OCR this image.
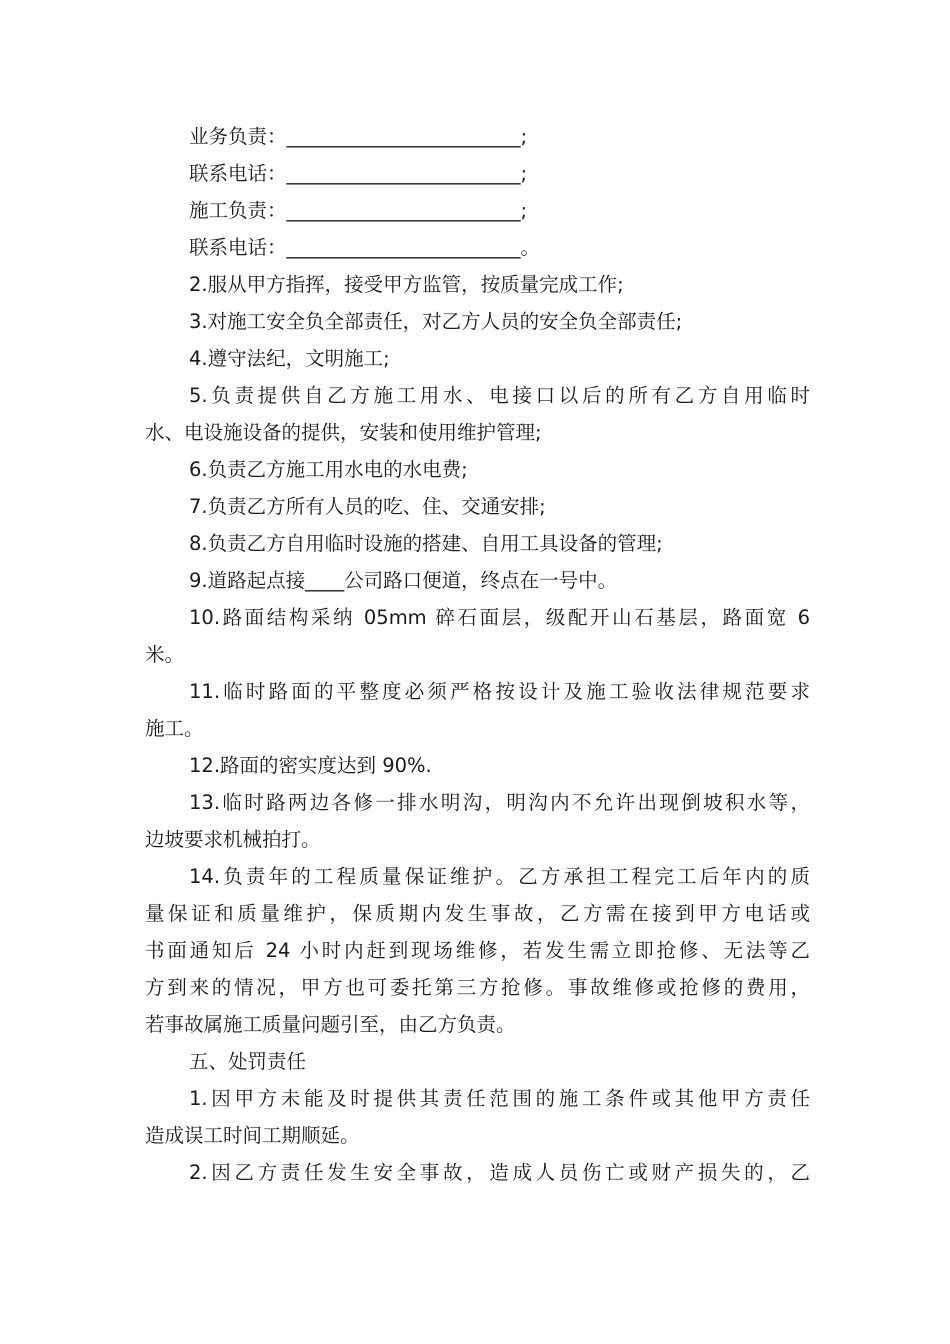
业务负责：________________________;
联系电话：________________________;
施工负责：________________________;
联系电话：________________________。
2.服从甲方指挥，接受甲方监管，按质量完成工作;
3.对施工安全负全部责任，对乙方人员的安全负全部责任;
4.遵守法纪，文明施工;
5.负责提供自乙方施工用水、电接口以后的所有乙方自用临时
水、电设施设备的提供，安装和使用维护管理;
6.负责乙方施工用水电的水电费;
7.负责乙方所有人员的吃、住、交通安排;
8.负责乙方自用临时设施的搭建、自用工具设备的管理;
9.道路起点接____公司路口便道，终点在一号中。
10.路面结构采纳 05mm 碎石面层，级配开山石基层，路面宽 6
米。
11.临时路面的平整度必须严格按设计及施工验收法律规范要求
施工。
12.路面的密实度达到 90%.
13.临时路两边各修一排水明沟，明沟内不允许出现倒坡积水等，
边坡要求机械拍打。
14.负责年的工程质量保证维护。乙方承担工程完工后年内的质
量保证和质量维护，保质期内发生事故，乙方需在接到甲方电话或
书面通知后 24 小时内赶到现场维修，若发生需立即抢修、无法等乙
方到来的情况，甲方也可委托第三方抢修。事故维修或抢修的费用，
若事故属施工质量问题引至，由乙方负责。
五、处罚责任
1.因甲方未能及时提供其责任范围的施工条件或其他甲方责任
造成误工时间工期顺延。
2.因乙方责任发生安全事故，造成人员伤亡或财产损失的，乙
